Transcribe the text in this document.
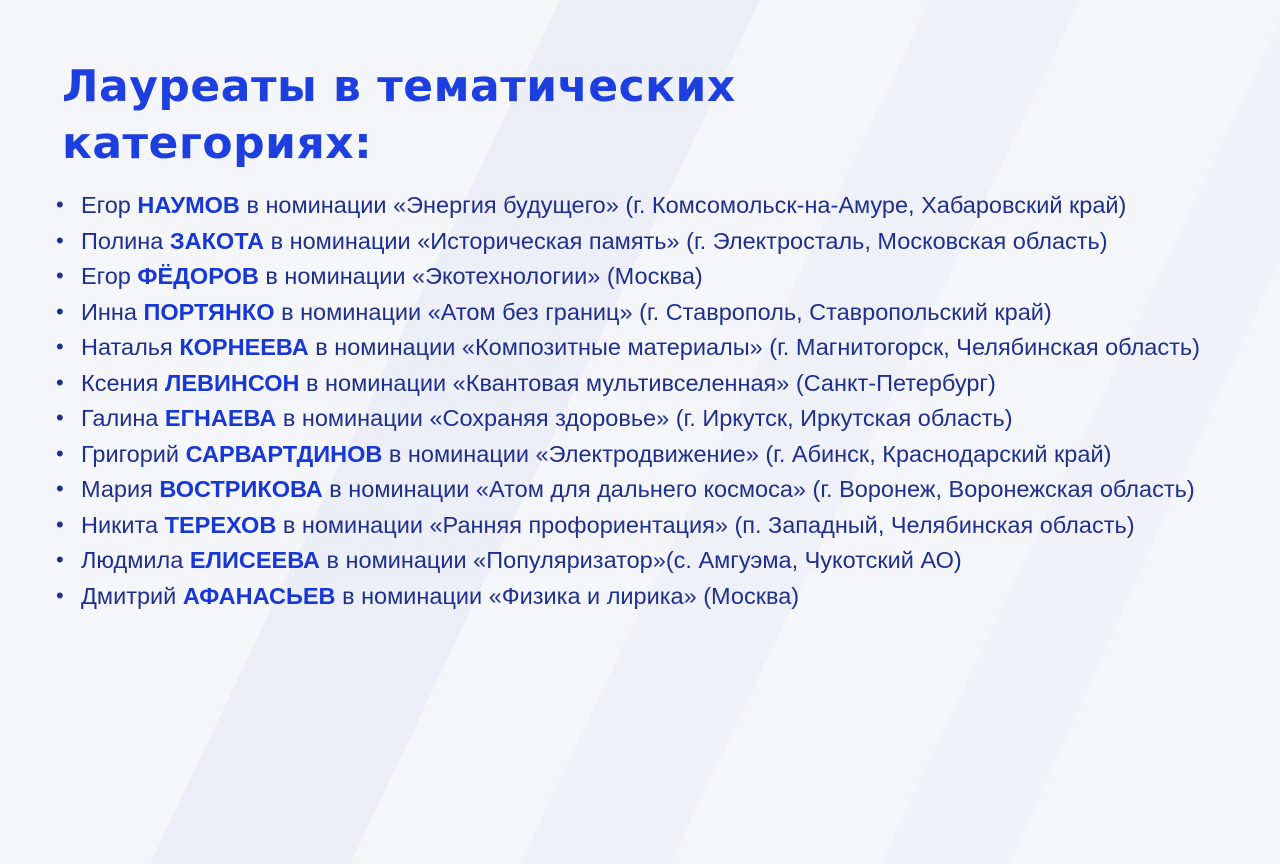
Лауреаты в тематических категориях:
• Егор НАУМОВ в номинации «Энергия будущего» (г. Комсомольск-на-Амуре, Хабаровский край)
• Полина ЗАКОТА в номинации «Историческая память» (г. Электросталь, Московская область)
• Егор ФЁДОРОВ в номинации «Экотехнологии» (Москва)
• Инна ПОРТЯНКО в номинации «Атом без границ» (г. Ставрополь, Ставропольский край)
• Наталья КОРНЕЕВА в номинации «Композитные материалы» (г. Магнитогорск, Челябинская область)
• Ксения ЛЕВИНСОН в номинации «Квантовая мультивселенная» (Санкт-Петербург)
• Галина ЕГНАЕВА в номинации «Сохраняя здоровье» (г. Иркутск, Иркутская область)
• Григорий САРВАРТДИНОВ в номинации «Электродвижение» (г. Абинск, Краснодарский край)
• Мария ВОСТРИКОВА в номинации «Атом для дальнего космоса» (г. Воронеж, Воронежская область)
• Никита ТЕРЕХОВ в номинации «Ранняя профориентация» (п. Западный, Челябинская область)
• Людмила ЕЛИСЕЕВА в номинации «Популяризатор»(с. Амгуэма, Чукотский АО)
• Дмитрий АФАНАСЬЕВ в номинации «Физика и лирика» (Москва)
